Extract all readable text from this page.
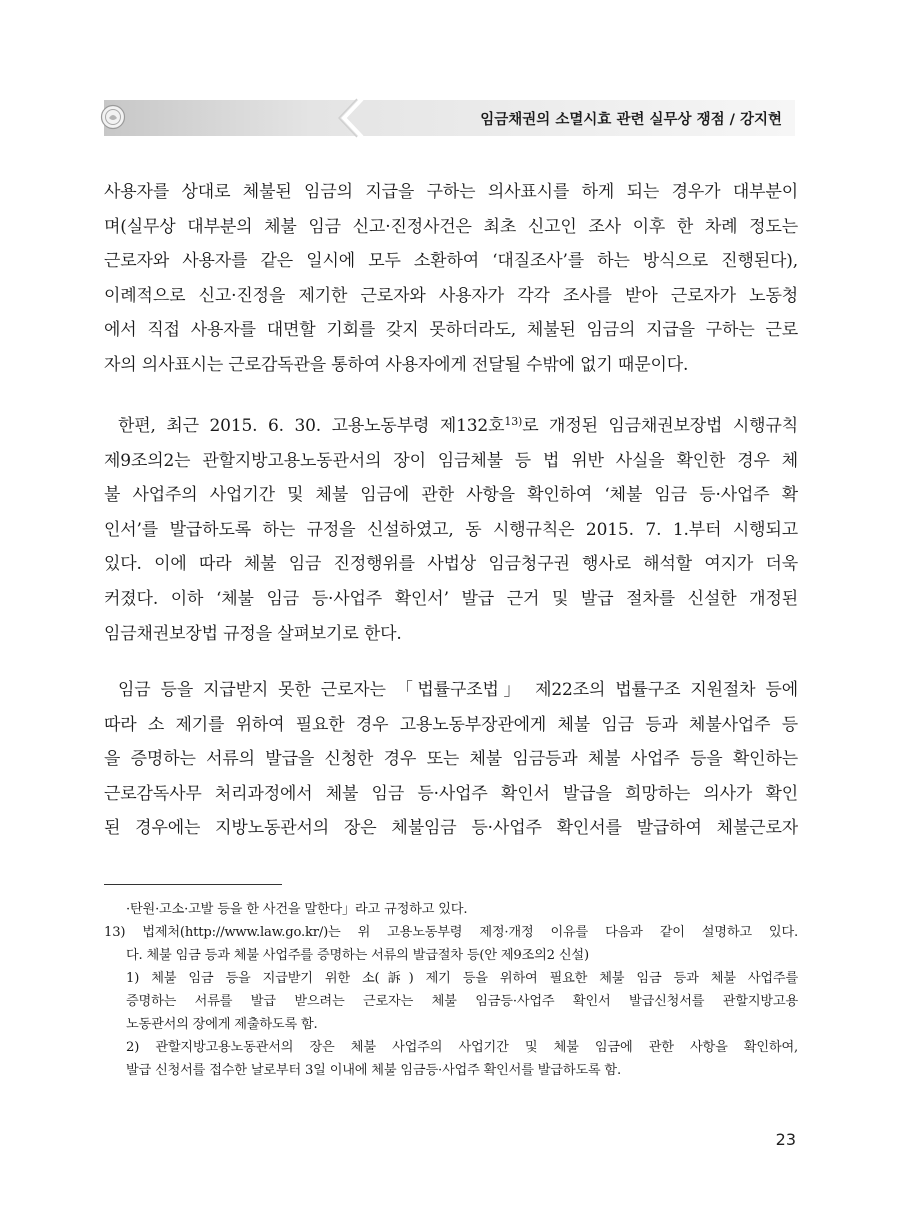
임금채권의 소멸시효 관련 실무상 쟁점 / 강지현
사용자를 상대로 체불된 임금의 지급을 구하는 의사표시를 하게 되는 경우가 대부분이
며(실무상 대부분의 체불 임금 신고·진정사건은 최초 신고인 조사 이후 한 차례 정도는
근로자와 사용자를 같은 일시에 모두 소환하여 ‘대질조사’를 하는 방식으로 진행된다),
이례적으로 신고·진정을 제기한 근로자와 사용자가 각각 조사를 받아 근로자가 노동청
에서 직접 사용자를 대면할 기회를 갖지 못하더라도, 체불된 임금의 지급을 구하는 근로
자의 의사표시는 근로감독관을 통하여 사용자에게 전달될 수밖에 없기 때문이다.
한편, 최근 2015. 6. 30. 고용노동부령 제132호$^{13)}$로 개정된 임금채권보장법 시행규칙
제9조의2는 관할지방고용노동관서의 장이 임금체불 등 법 위반 사실을 확인한 경우 체
불 사업주의 사업기간 및 체불 임금에 관한 사항을 확인하여 ‘체불 임금 등·사업주 확
인서’를 발급하도록 하는 규정을 신설하였고, 동 시행규칙은 2015. 7. 1.부터 시행되고
있다. 이에 따라 체불 임금 진정행위를 사법상 임금청구권 행사로 해석할 여지가 더욱
커졌다. 이하 ‘체불 임금 등·사업주 확인서’ 발급 근거 및 발급 절차를 신설한 개정된
임금채권보장법 규정을 살펴보기로 한다.
임금 등을 지급받지 못한 근로자는 「법률구조법」 제22조의 법률구조 지원절차 등에
따라 소 제기를 위하여 필요한 경우 고용노동부장관에게 체불 임금 등과 체불사업주 등
을 증명하는 서류의 발급을 신청한 경우 또는 체불 임금등과 체불 사업주 등을 확인하는
근로감독사무 처리과정에서 체불 임금 등·사업주 확인서 발급을 희망하는 의사가 확인
된 경우에는 지방노동관서의 장은 체불임금 등·사업주 확인서를 발급하여 체불근로자
·탄원·고소·고발 등을 한 사건을 말한다」라고 규정하고 있다.
13) 법제처(http://www.law.go.kr/)는 위 고용노동부령 제정·개정 이유를 다음과 같이 설명하고 있다.
다. 체불 임금 등과 체불 사업주를 증명하는 서류의 발급절차 등(안 제9조의2 신설)
1) 체불 임금 등을 지급받기 위한 소(訴) 제기 등을 위하여 필요한 체불 임금 등과 체불 사업주를
증명하는 서류를 발급 받으려는 근로자는 체불 임금등·사업주 확인서 발급신청서를 관할지방고용
노동관서의 장에게 제출하도록 함.
2) 관할지방고용노동관서의 장은 체불 사업주의 사업기간 및 체불 임금에 관한 사항을 확인하여,
발급 신청서를 접수한 날로부터 3일 이내에 체불 임금등·사업주 확인서를 발급하도록 함.
23
